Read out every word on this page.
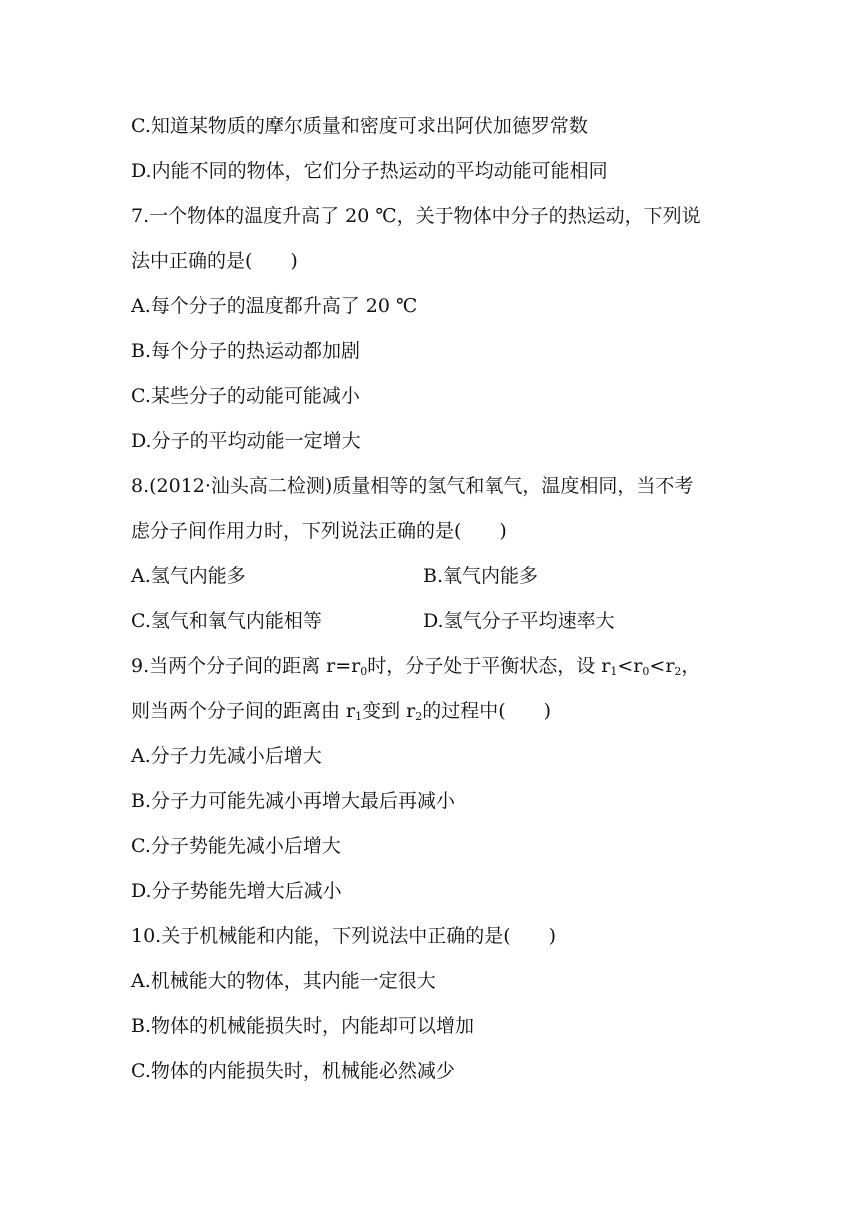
C.知道某物质的摩尔质量和密度可求出阿伏加德罗常数
D.内能不同的物体，它们分子热运动的平均动能可能相同
7.一个物体的温度升高了 20 ℃，关于物体中分子的热运动，下列说
法中正确的是(　　)
A.每个分子的温度都升高了 20 ℃
B.每个分子的热运动都加剧
C.某些分子的动能可能减小
D.分子的平均动能一定增大
8.(2012·汕头高二检测)质量相等的氢气和氧气，温度相同，当不考
虑分子间作用力时，下列说法正确的是(　　)
A.氢气内能多	B.氧气内能多
C.氢气和氧气内能相等	D.氢气分子平均速率大
9.当两个分子间的距离 $r=r_0$时，分子处于平衡状态，设 $r_1<r_0<r_2$，
则当两个分子间的距离由 $r_1$变到 $r_2$的过程中(　　)
A.分子力先减小后增大
B.分子力可能先减小再增大最后再减小
C.分子势能先减小后增大
D.分子势能先增大后减小
10.关于机械能和内能，下列说法中正确的是(　　)
A.机械能大的物体，其内能一定很大
B.物体的机械能损失时，内能却可以增加
C.物体的内能损失时，机械能必然减少
